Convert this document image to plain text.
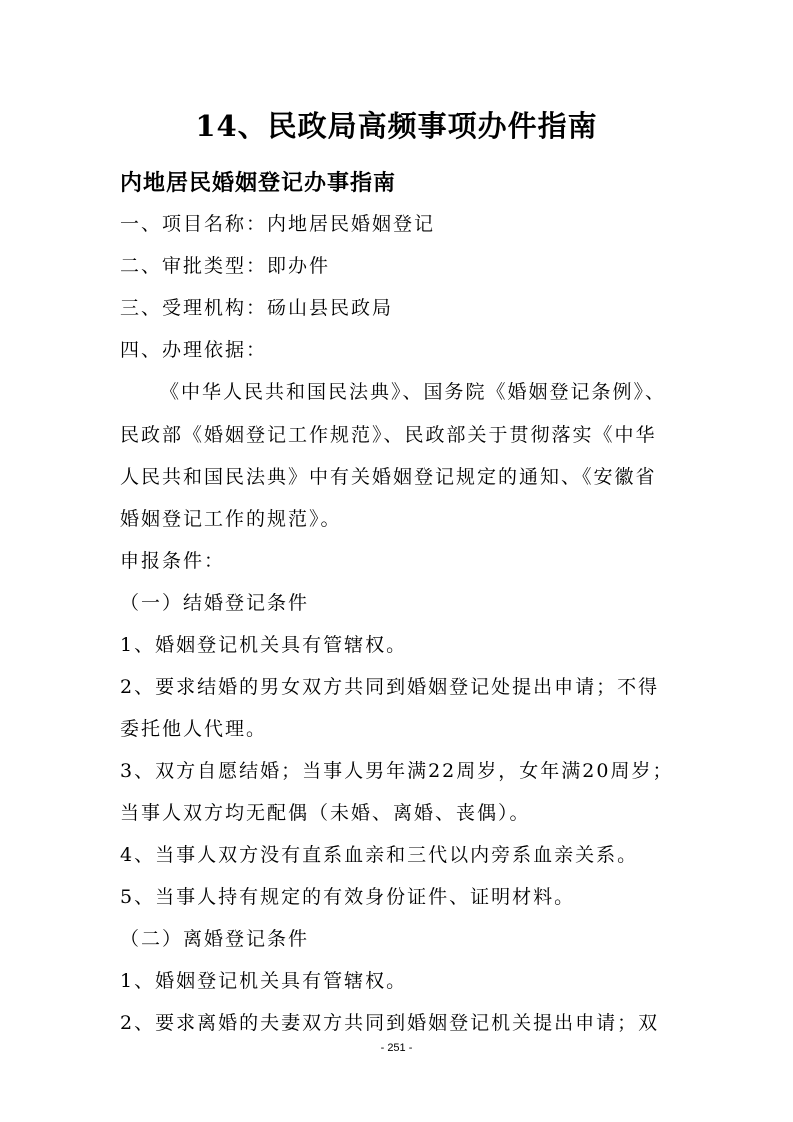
14、民政局高频事项办件指南
内地居民婚姻登记办事指南
一、项目名称：内地居民婚姻登记
二、审批类型：即办件
三、受理机构：砀山县民政局
四、办理依据：
《中华人民共和国民法典》、国务院《婚姻登记条例》、
民政部《婚姻登记工作规范》、民政部关于贯彻落实《中华
人民共和国民法典》中有关婚姻登记规定的通知、《安徽省
婚姻登记工作的规范》。
申报条件：
（一）结婚登记条件
1、婚姻登记机关具有管辖权。
2、要求结婚的男女双方共同到婚姻登记处提出申请；不得
委托他人代理。
3、双方自愿结婚；当事人男年满22周岁，女年满20周岁；
当事人双方均无配偶（未婚、离婚、丧偶）。
4、当事人双方没有直系血亲和三代以内旁系血亲关系。
5、当事人持有规定的有效身份证件、证明材料。
（二）离婚登记条件
1、婚姻登记机关具有管辖权。
2、要求离婚的夫妻双方共同到婚姻登记机关提出申请；双
- 251 -
